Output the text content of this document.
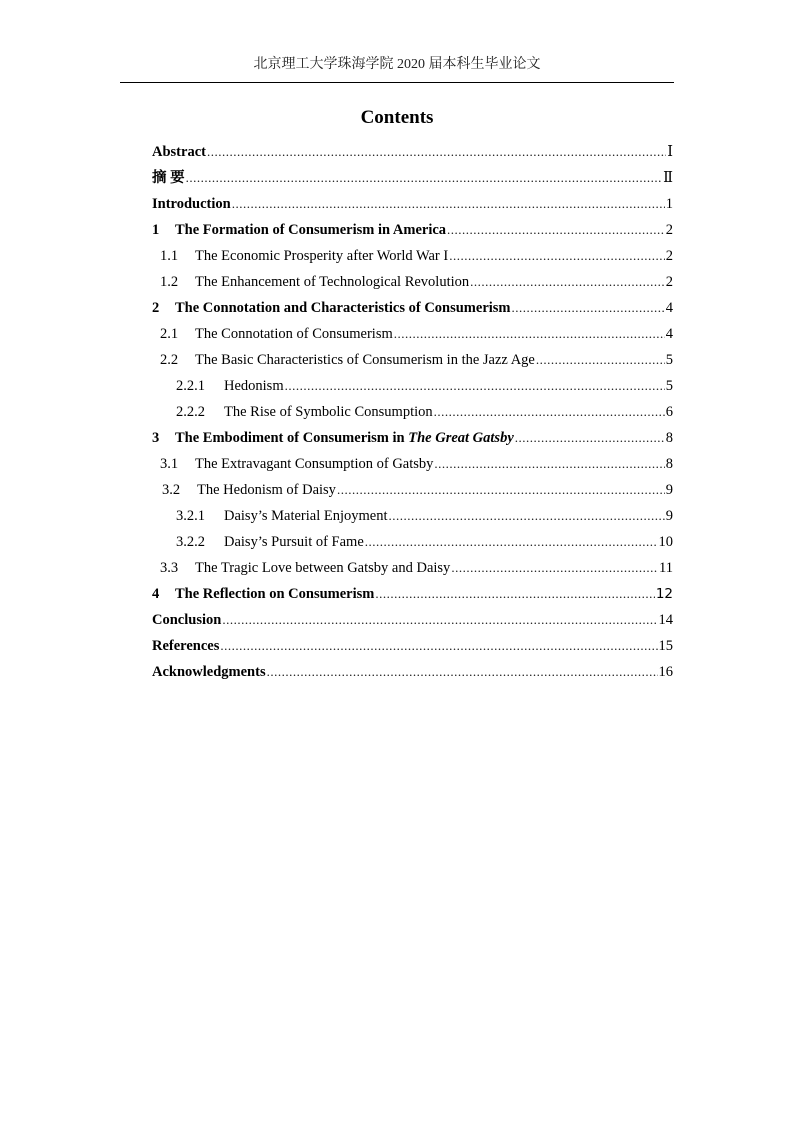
北京理工大学珠海学院 2020 届本科生毕业论文
Contents
Abstract .....	Ⅰ
摘 要 .....	Ⅱ
Introduction .....	1
1	The Formation of Consumerism in America .....	2
1.1	The Economic Prosperity after World War I .....	2
1.2	The Enhancement of Technological Revolution .....	2
2	The Connotation and Characteristics of Consumerism .....	4
2.1	The Connotation of Consumerism .....	4
2.2	The Basic Characteristics of Consumerism in the Jazz Age .....	5
2.2.1	Hedonism .....	5
2.2.2	The Rise of Symbolic Consumption .....	6
3	The Embodiment of Consumerism in The Great Gatsby .....	8
3.1	The Extravagant Consumption of Gatsby .....	8
3.2	The Hedonism of Daisy .....	9
3.2.1	Daisy’s Material Enjoyment .....	9
3.2.2	Daisy’s Pursuit of Fame .....	10
3.3	The Tragic Love between Gatsby and Daisy .....	11
4	The Reflection on Consumerism .....	12
Conclusion .....	14
References .....	15
Acknowledgments .....	16
